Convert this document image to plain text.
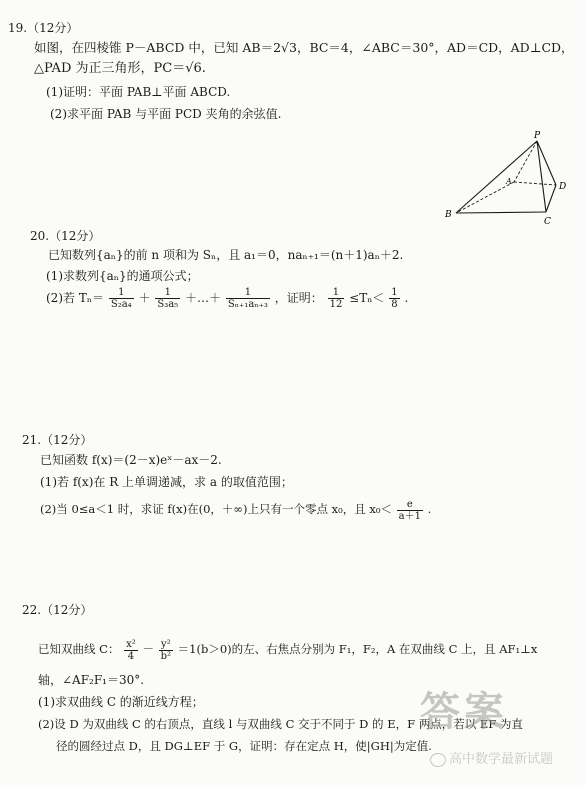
19.（12分）
如图，在四棱锥 P－ABCD 中，已知 AB＝2√3，BC＝4，∠ABC＝30°，AD＝CD，AD⊥CD，
△PAD 为正三角形，PC＝√6.
(1)证明：平面 PAB⊥平面 ABCD.
(2)求平面 PAB 与平面 PCD 夹角的余弦值.
P
A
B
C
D
20.（12分）
已知数列{aₙ}的前 n 项和为 Sₙ，且 a₁＝0，naₙ₊₁＝(n＋1)aₙ＋2.
(1)求数列{aₙ}的通项公式；
(2)若 $T_n= \frac{1}{\text{S₂a₄}} + \frac{1}{\text{S₃a₅}}$ ＋…＋ $\frac{1}{\text{Sₙ₊₁aₙ₊₃}}$ ，证明： $\frac{1}{12} \le T_n< \frac{1}{8}$ .
21.（12分）
已知函数 f(x)＝(2－x)eˣ－ax－2.
(1)若 f(x)在 R 上单调递减，求 a 的取值范围；
(2)当 0≤a＜1 时，求证 f(x)在(0，＋∞)上只有一个零点 x₀，且 $x_0< \frac{e}{a+1}$ .
22.（12分）
已知双曲线 C： $\frac{\text{x²}}{4} - \frac{\text{y²}}{\text{b²}} =1(b>0)$的左、右焦点分别为 F₁，F₂，A 在双曲线 C 上，且 AF₁⊥x
轴，∠AF₂F₁＝30°.
(1)求双曲线 C 的渐近线方程；
(2)设 D 为双曲线 C 的右顶点，直线 l 与双曲线 C 交于不同于 D 的 E，F 两点，若以 EF 为直
径的圆经过点 D，且 DG⊥EF 于 G，证明：存在定点 H，使|GH|为定值.
答案
高中数学最新试题
